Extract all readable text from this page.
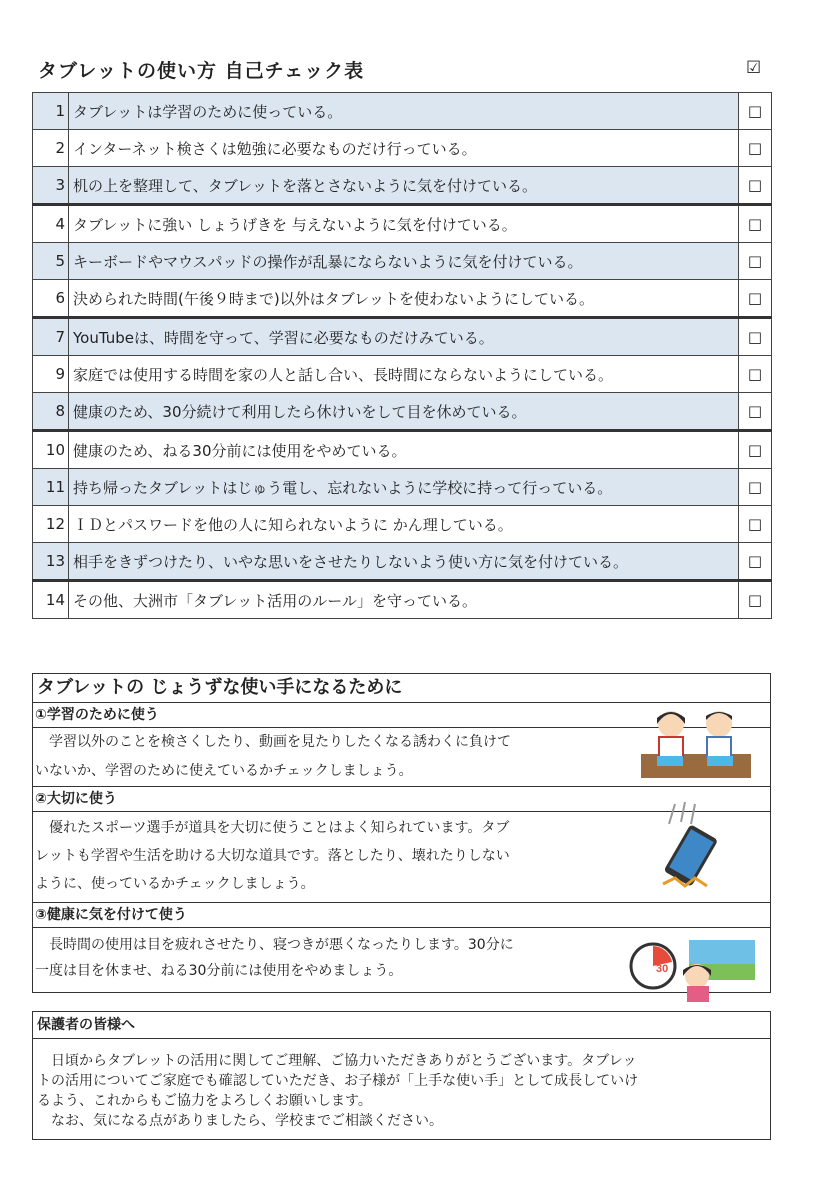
タブレットの使い方 自己チェック表	☑
1	タブレットは学習のために使っている。	□
2	インターネット検さくは勉強に必要なものだけ行っている。	□
3	机の上を整理して、タブレットを落とさないように気を付けている。	□
4	タブレットに強い しょうげきを 与えないように気を付けている。	□
5	キーボードやマウスパッドの操作が乱暴にならないように気を付けている。	□
6	決められた時間(午後９時まで)以外はタブレットを使わないようにしている。	□
7	YouTubeは、時間を守って、学習に必要なものだけみている。	□
9	家庭では使用する時間を家の人と話し合い、長時間にならないようにしている。	□
8	健康のため、30分続けて利用したら休けいをして目を休めている。	□
10	健康のため、ねる30分前には使用をやめている。	□
11	持ち帰ったタブレットはじゅう電し、忘れないように学校に持って行っている。	□
12	ＩＤとパスワードを他の人に知られないように かん理している。	□
13	相手をきずつけたり、いやな思いをさせたりしないよう使い方に気を付けている。	□
14	その他、大洲市「タブレット活用のルール」を守っている。	□
タブレットの じょうずな使い手になるために
①学習のために使う
　学習以外のことを検さくしたり、動画を見たりしたくなる誘わくに負けて
いないか、学習のために使えているかチェックしましょう。
②大切に使う
　優れたスポーツ選手が道具を大切に使うことはよく知られています。タブ
レットも学習や生活を助ける大切な道具です。落としたり、壊れたりしない
ように、使っているかチェックしましょう。
③健康に気を付けて使う
　長時間の使用は目を疲れさせたり、寝つきが悪くなったりします。30分に
一度は目を休ませ、ねる30分前には使用をやめましょう。	30
保護者の皆様へ
　日頃からタブレットの活用に関してご理解、ご協力いただきありがとうございます。タブレッ
トの活用についてご家庭でも確認していただき、お子様が「上手な使い手」として成長していけ
るよう、これからもご協力をよろしくお願いします。
　なお、気になる点がありましたら、学校までご相談ください。
